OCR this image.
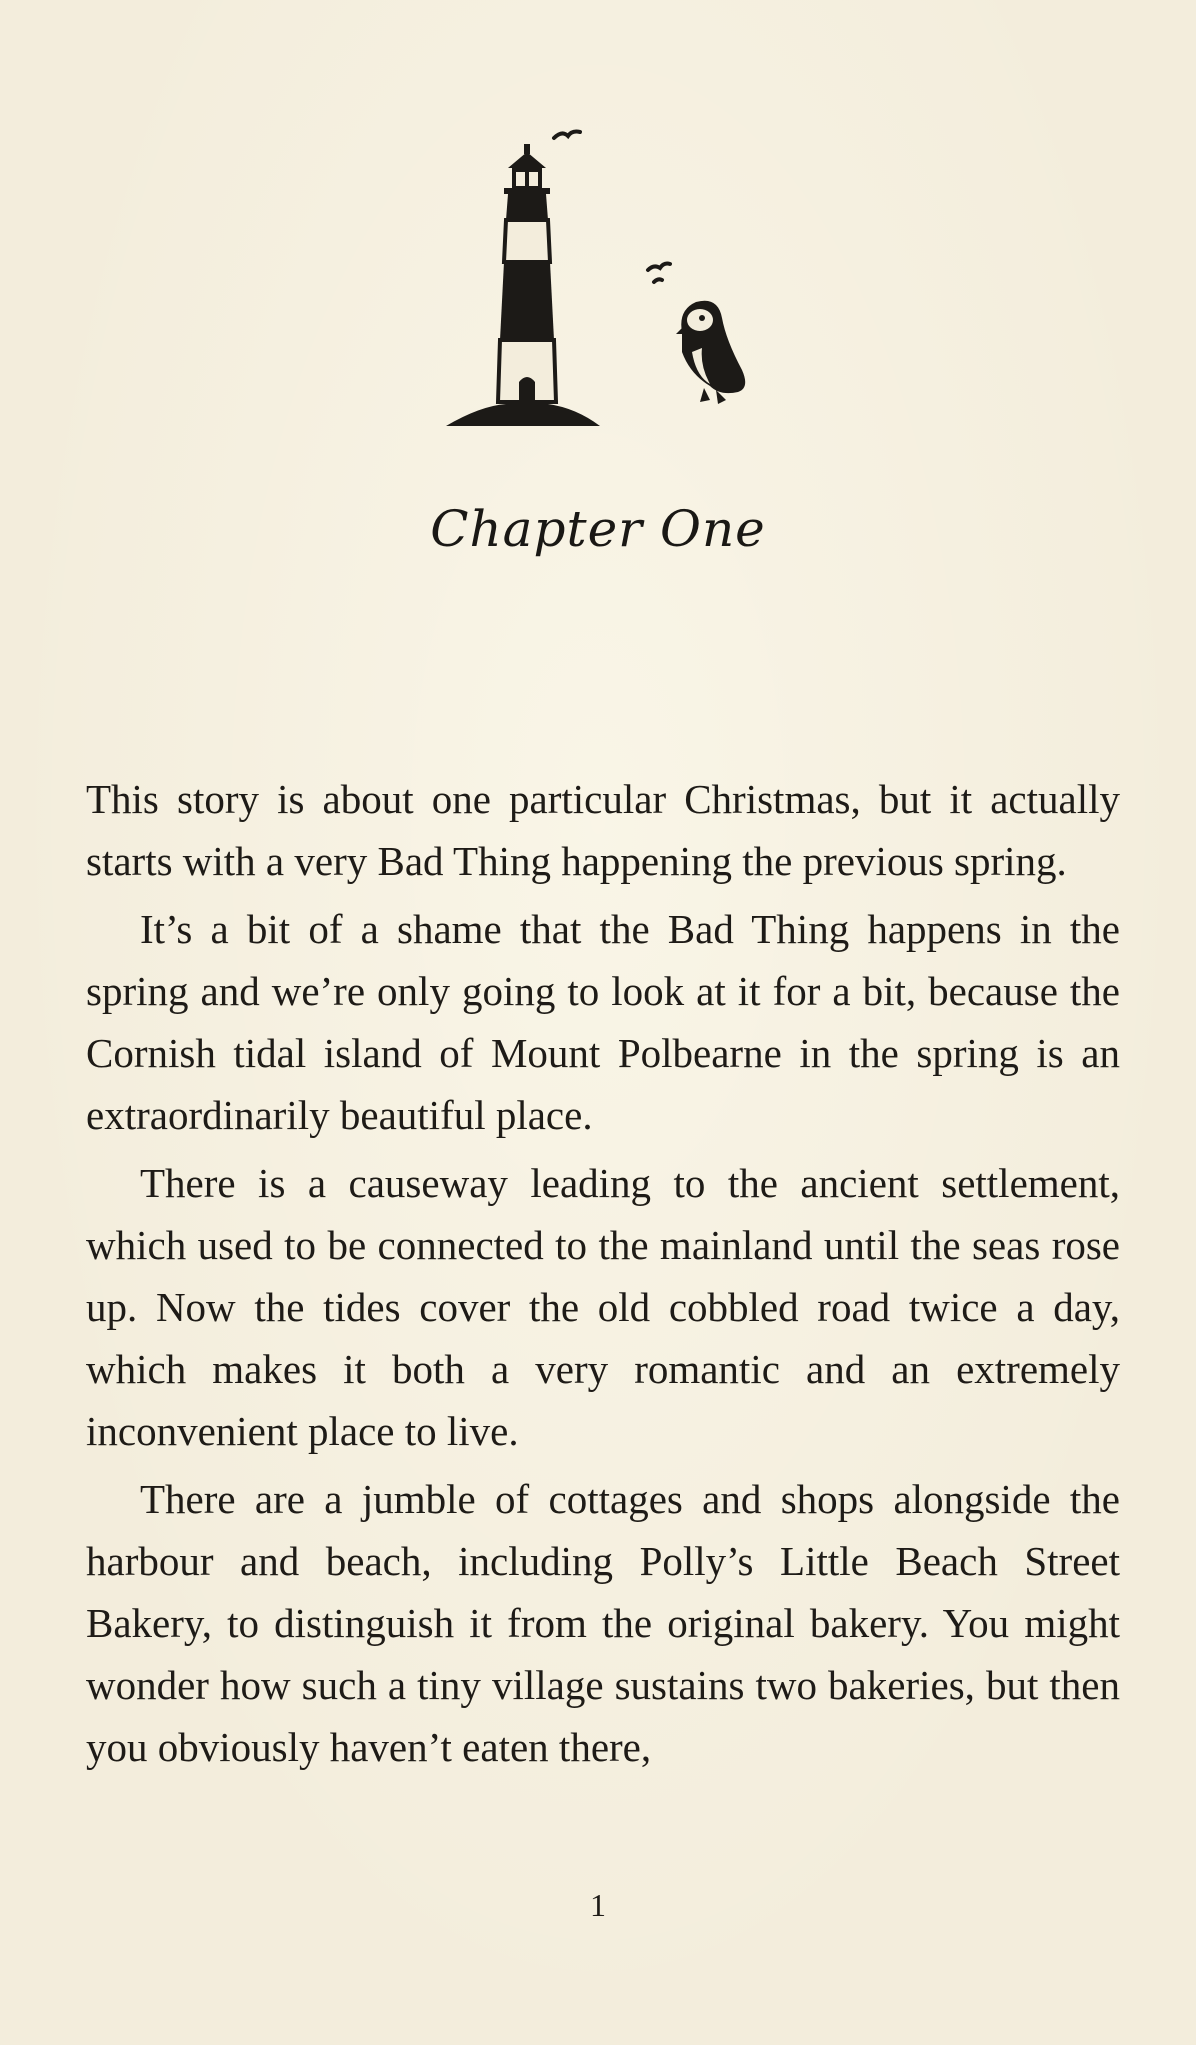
Chapter One

This story is about one particular Christmas, but it actually starts with a very Bad Thing happening the previous spring.

It’s a bit of a shame that the Bad Thing happens in the spring and we’re only going to look at it for a bit, because the Cornish tidal island of Mount Polbearne in the spring is an extraordinarily beautiful place.

There is a causeway leading to the ancient settlement, which used to be connected to the mainland until the seas rose up. Now the tides cover the old cobbled road twice a day, which makes it both a very romantic and an extremely inconvenient place to live.

There are a jumble of cottages and shops alongside the harbour and beach, including Polly’s Little Beach Street Bakery, to distinguish it from the original bakery. You might wonder how such a tiny village sustains two bakeries, but then you obviously haven’t eaten there,

1
